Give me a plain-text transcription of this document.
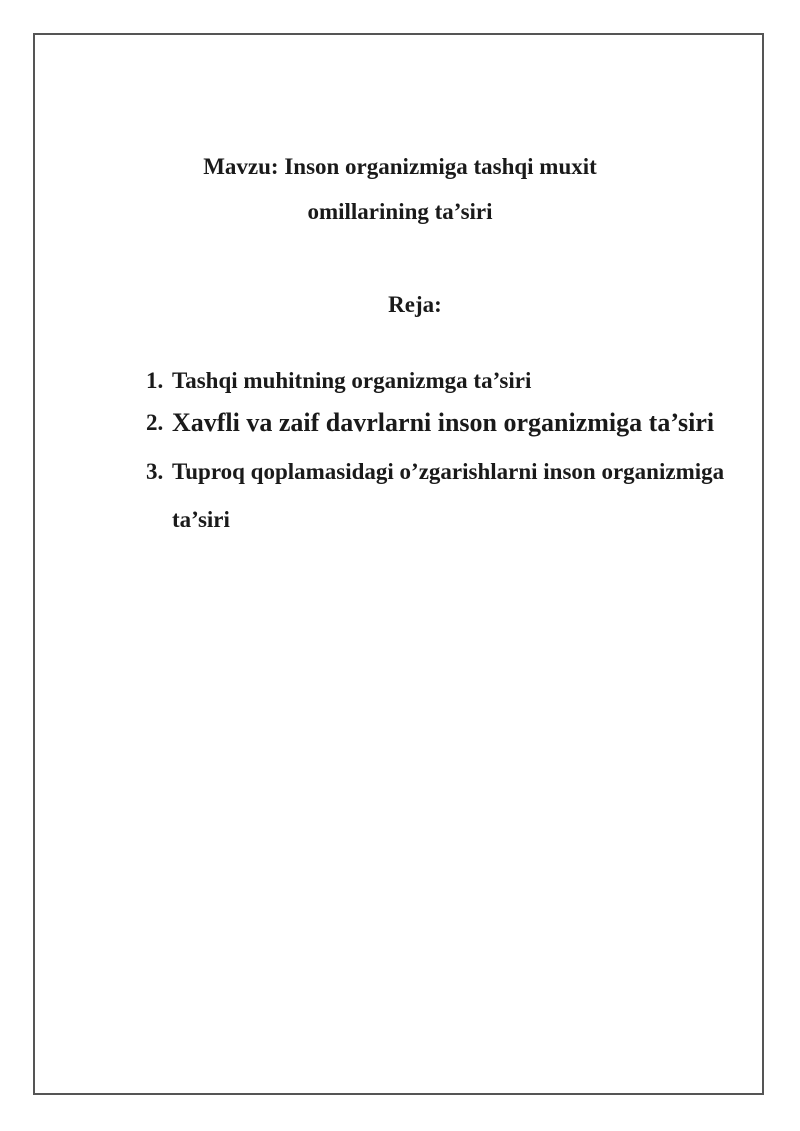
Mavzu: Inson organizmiga tashqi muxit
omillarining ta’siri
Reja:
1. Tashqi muhitning organizmga ta’siri
2. Xavfli va zaif davrlarni inson organizmiga ta’siri
3. Tuproq qoplamasidagi o’zgarishlarni inson organizmiga ta’siri
